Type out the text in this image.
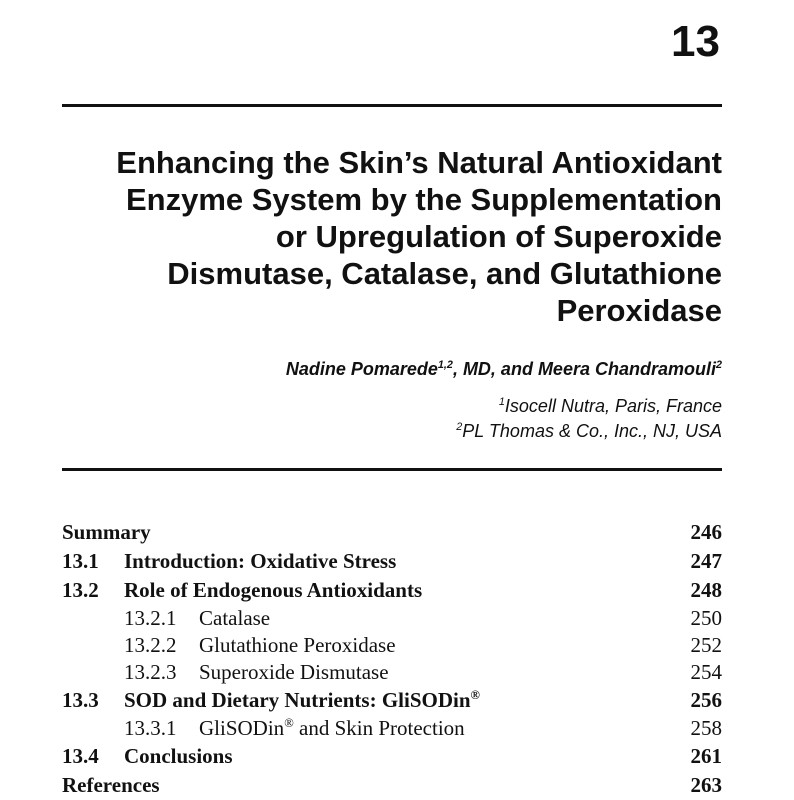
13
Enhancing the Skin’s Natural Antioxidant
Enzyme System by the Supplementation
or Upregulation of Superoxide
Dismutase, Catalase, and Glutathione
Peroxidase

Nadine Pomarede$^{1,2}$, MD, and Meera Chandramouli$^2$

$^1$Isocell Nutra, Paris, France

$^2$PL Thomas & Co., Inc., NJ, USA

Summary	246
13.1 Introduction: Oxidative Stress	247
13.2 Role of Endogenous Antioxidants	248
13.2.1 Catalase	250
13.2.2 Glutathione Peroxidase	252
13.2.3 Superoxide Dismutase	254
13.3 SOD and Dietary Nutrients: GliSODin®	256
13.3.1 GliSODin® and Skin Protection	258
13.4 Conclusions	261
References	263
